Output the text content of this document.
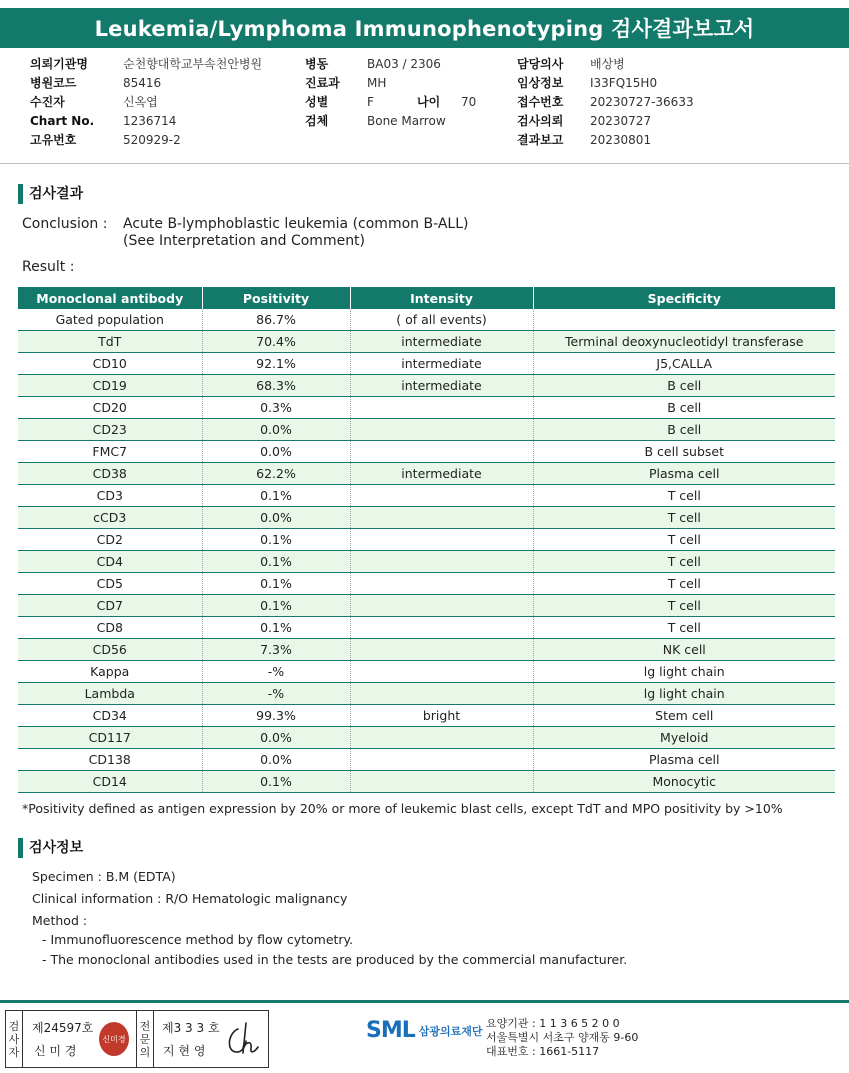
Leukemia/Lymphoma Immunophenotyping 검사결과보고서
의뢰기관명	순천향대학교부속천안병원
병원코드	85416
수진자	신옥엽
Chart No. 1236714
고유번호	520929-2
병동	BA03 / 2306
진료과 MH
성별	F	나이 70
검체	Bone Marrow
담당의사 배상병
임상정보 I33FQ15H0
접수번호 20230727-36633
검사의뢰 20230727
결과보고 20230801
검사결과
Conclusion : Acute B-lymphoblastic leukemia (common B-ALL)
(See Interpretation and Comment)
Result :
Monoclonal antibody	Positivity	Intensity	Specificity
Gated population	86.7%	( of all events)	
TdT	70.4%	intermediate	Terminal deoxynucleotidyl transferase
CD10	92.1%	intermediate	J5,CALLA
CD19	68.3%	intermediate	B cell
CD20	0.3%		B cell
CD23	0.0%		B cell
FMC7	0.0%		B cell subset
CD38	62.2%	intermediate	Plasma cell
CD3	0.1%		T cell
cCD3	0.0%		T cell
CD2	0.1%		T cell
CD4	0.1%		T cell
CD5	0.1%		T cell
CD7	0.1%		T cell
CD8	0.1%		T cell
CD56	7.3%		NK cell
Kappa	-%		lg light chain
Lambda	-%		lg light chain
CD34	99.3%	bright	Stem cell
CD117	0.0%		Myeloid
CD138	0.0%		Plasma cell
CD14	0.1%		Monocytic
*Positivity defined as antigen expression by 20% or more of leukemic blast cells, except TdT and MPO positivity by >10%
검사정보
Specimen : B.M (EDTA)
Clinical information : R/O Hematologic malignancy
Method :
- Immunofluorescence method by flow cytometry.
- The monoclonal antibodies used in the tests are produced by the commercial manufacturer.
검사자
제24597호
신 미 경
신미경
전문의
제3 3 3 호
지 현 영
SML 삼광의료재단
요양기관 : 1 1 3 6 5 2 0 0
서울특별시 서초구 양재동 9-60
대표번호 : 1661-5117
